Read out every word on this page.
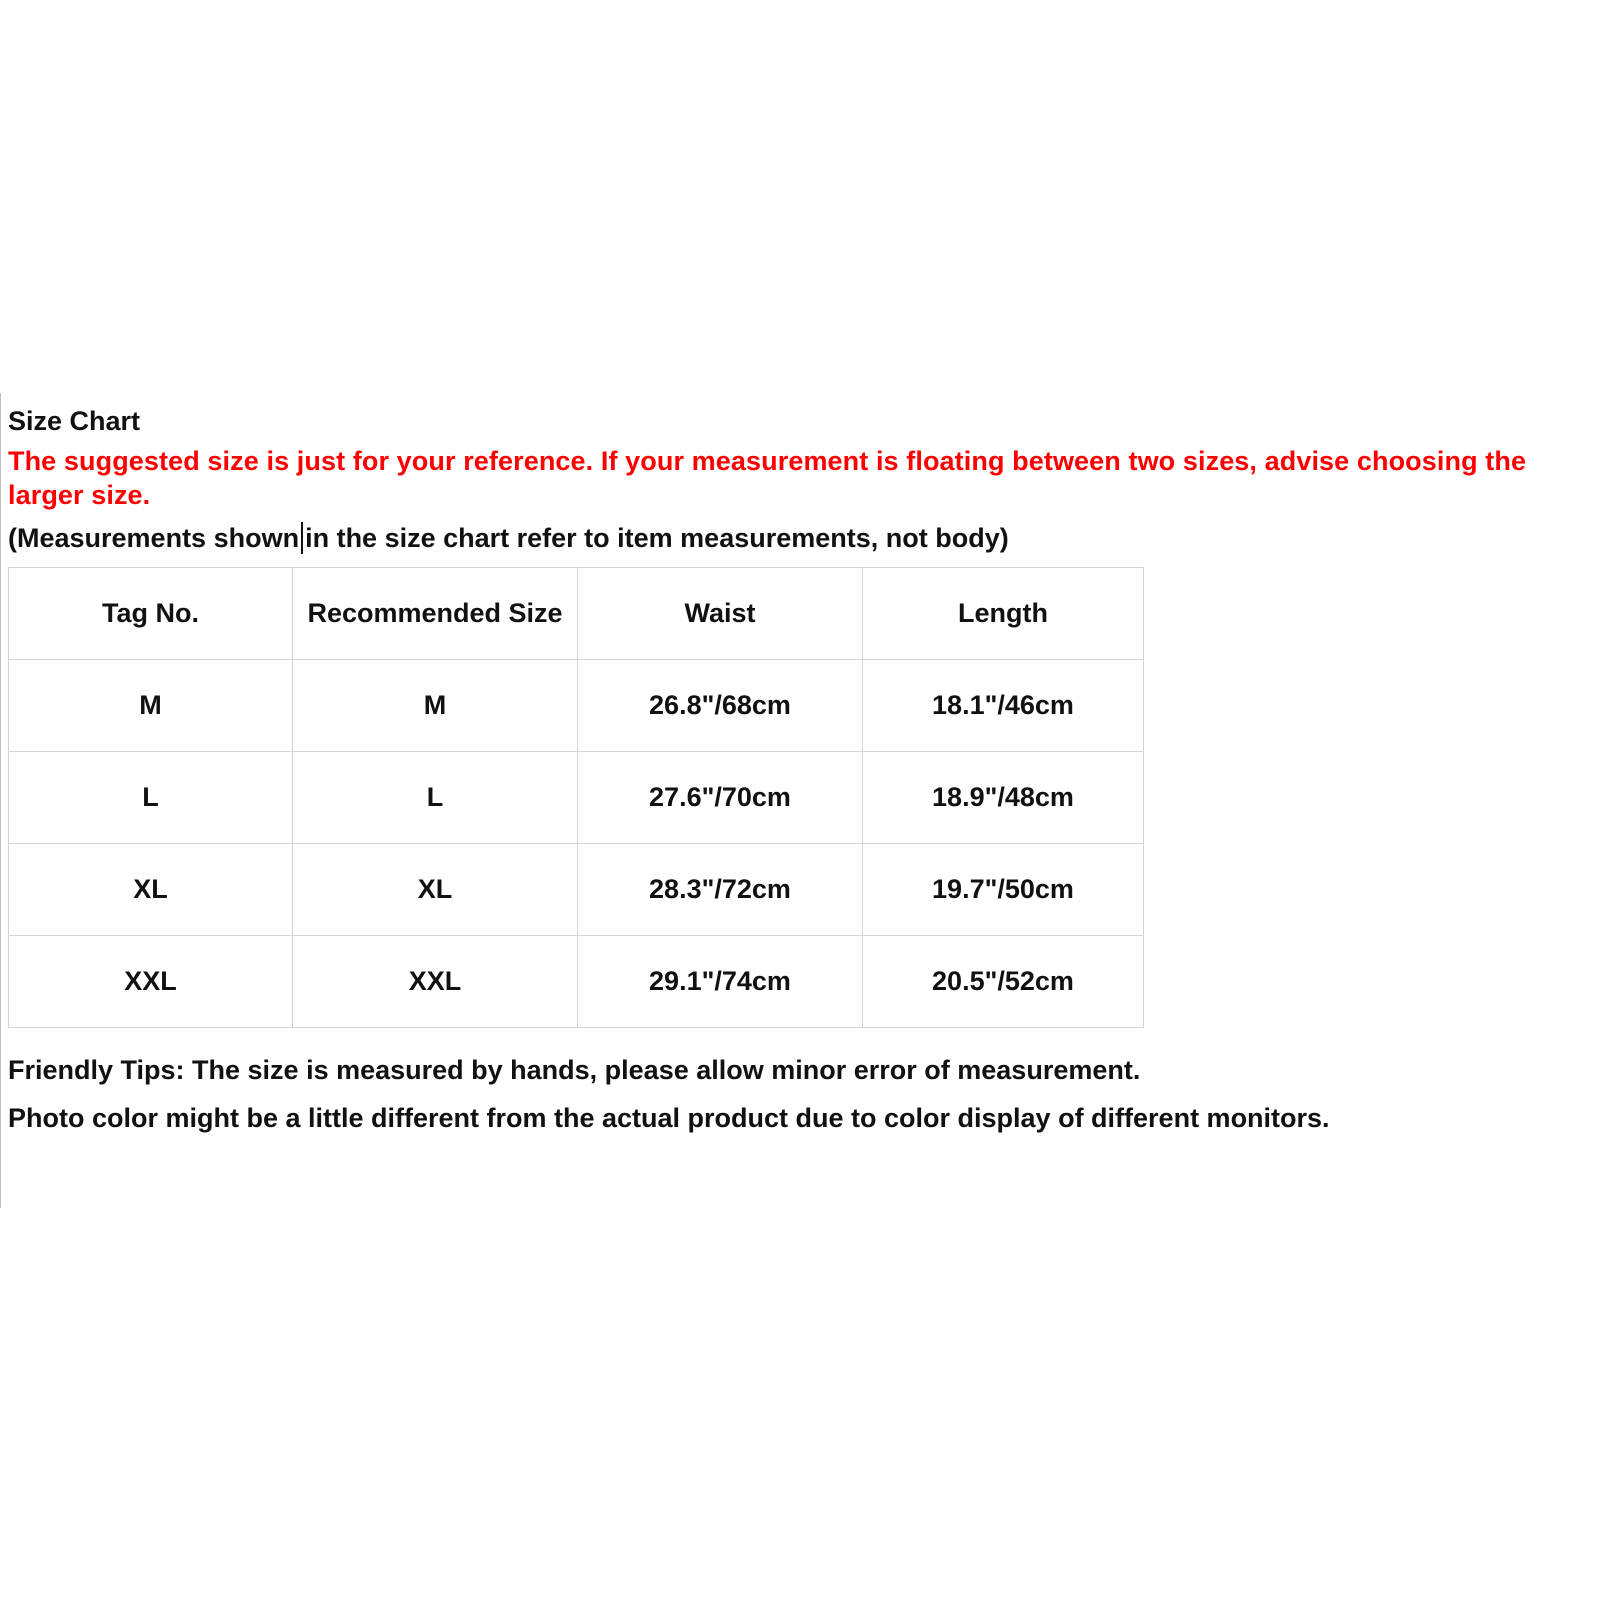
Size Chart

The suggested size is just for your reference. If your measurement is floating between two sizes, advise choosing the larger size.

(Measurements shown in the size chart refer to item measurements, not body)

Tag No.	Recommended Size	Waist	Length
M	M	26.8"/68cm	18.1"/46cm
L	L	27.6"/70cm	18.9"/48cm
XL	XL	28.3"/72cm	19.7"/50cm
XXL	XXL	29.1"/74cm	20.5"/52cm

Friendly Tips: The size is measured by hands, please allow minor error of measurement.

Photo color might be a little different from the actual product due to color display of different monitors.
